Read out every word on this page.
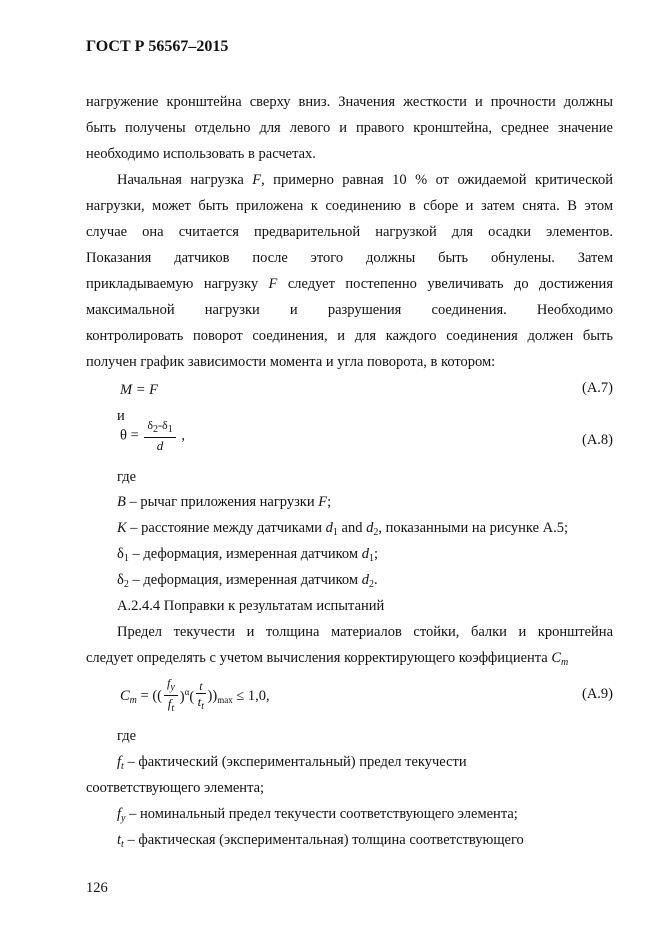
ГОСТ Р 56567–2015
нагружение кронштейна сверху вниз. Значения жесткости и прочности должны
быть получены отдельно для левого и правого кронштейна, среднее значение
необходимо использовать в расчетах.
Начальная нагрузка F, примерно равная 10 % от ожидаемой критической
нагрузки, может быть приложена к соединению в сборе и затем снята. В этом
случае она считается предварительной нагрузкой для осадки элементов.
Показания датчиков после этого должны быть обнулены. Затем
прикладываемую нагрузку F следует постепенно увеличивать до достижения
максимальной нагрузки и разрушения соединения. Необходимо
контролировать поворот соединения, и для каждого соединения должен быть
получен график зависимости момента и угла поворота, в котором:
M = F	(A.7)
и
$\theta = \frac{\delta_2-\delta_1}{d}$ ,	(A.8)
где
B – рычаг приложения нагрузки F;
K – расстояние между датчиками $d_1$ and $d_2$, показанными на рисунке A.5;
$\delta_1$ – деформация, измеренная датчиком $d_1$;
$\delta_2$ – деформация, измеренная датчиком $d_2$.
A.2.4.4 Поправки к результатам испытаний
Предел текучести и толщина материалов стойки, балки и кронштейна
следует определять с учетом вычисления корректирующего коэффициента $C_m$
$C_m$ = (( $\frac{f_y}{f_t} )^\alpha( \frac{t}{t_t} ))_{max} \le 1,0$,	(A.9)
где
$f_t$ – фактический (экспериментальный) предел текучести
соответствующего элемента;
$f_y$ – номинальный предел текучести соответствующего элемента;
$t_t$ – фактическая (экспериментальная) толщина соответствующего
126
